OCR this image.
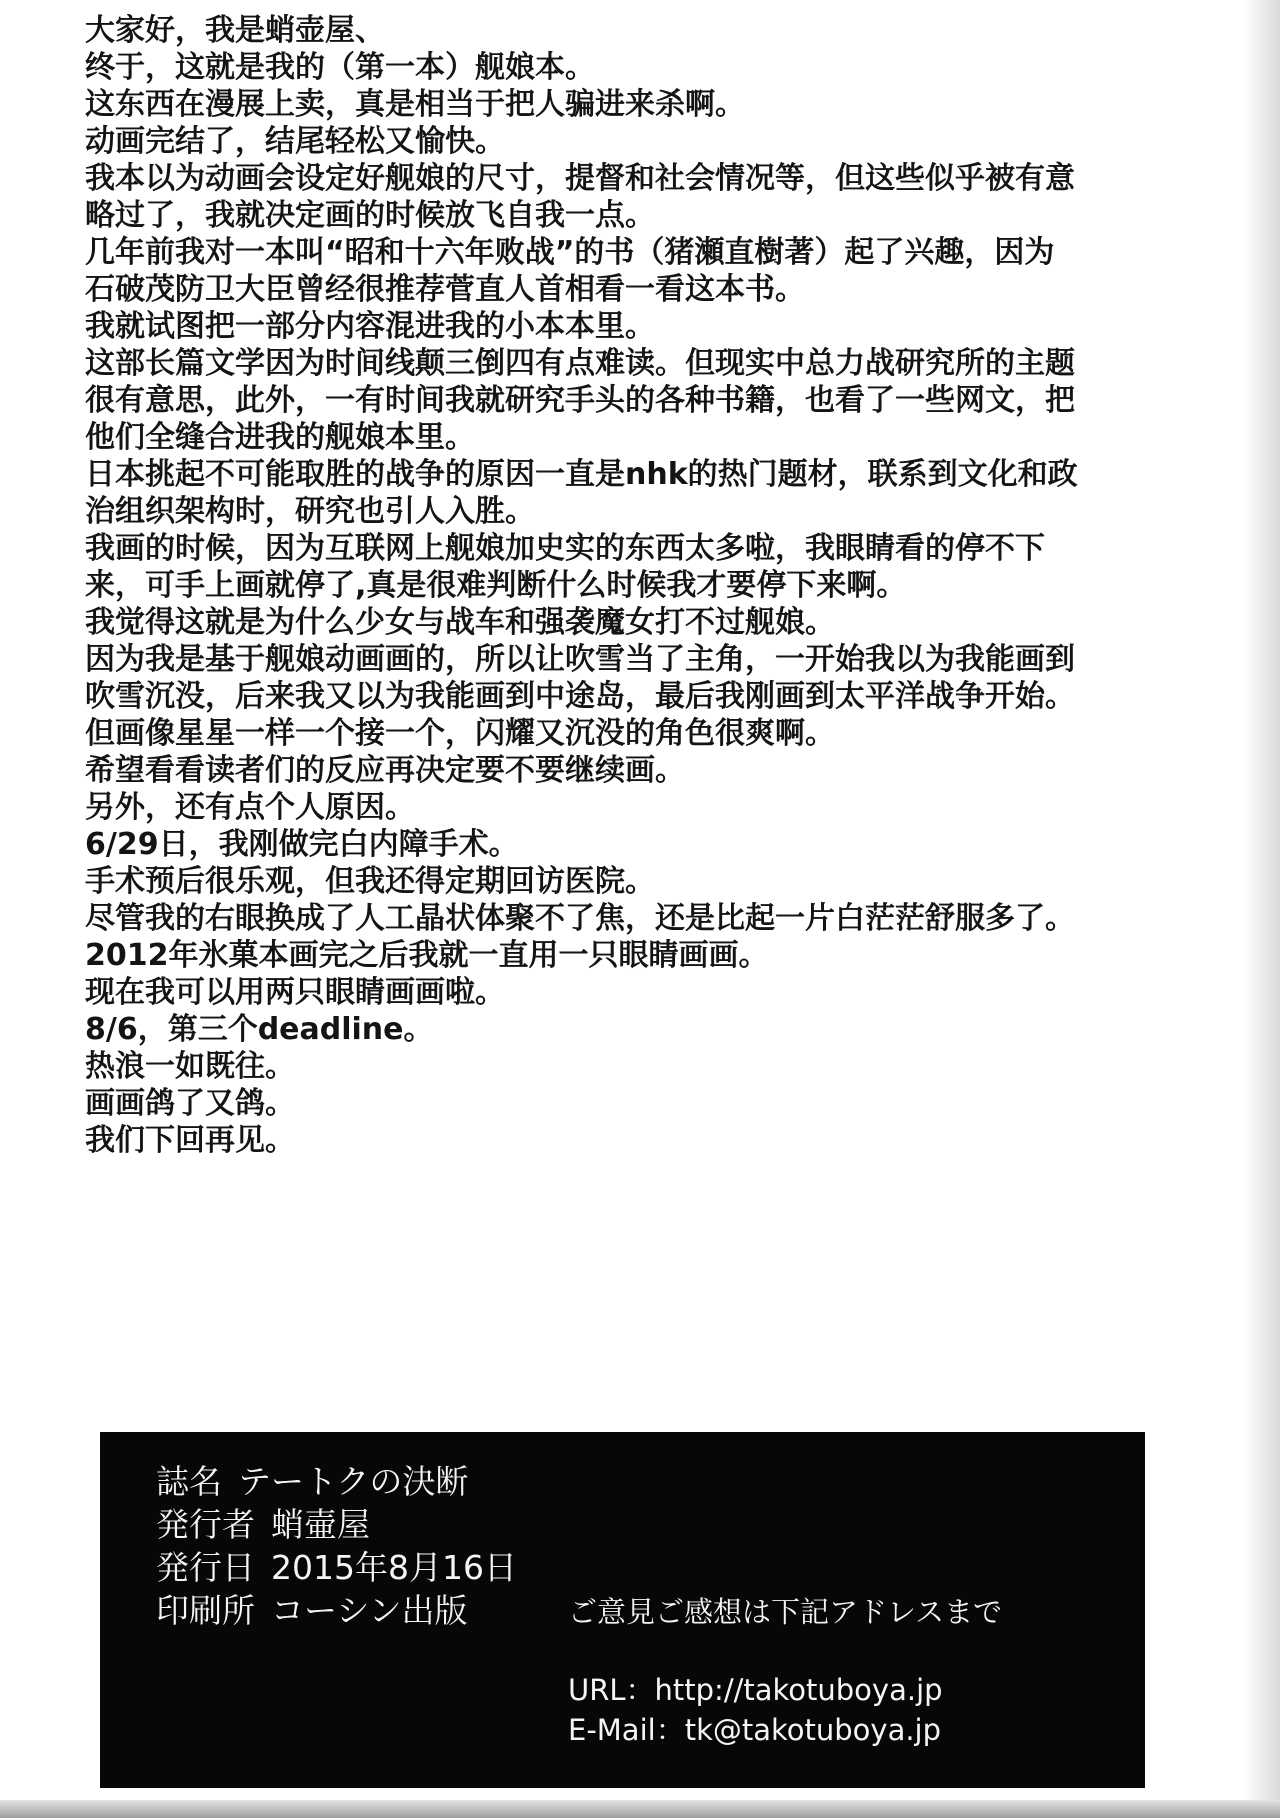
大家好，我是蛸壶屋、
终于，这就是我的（第一本）舰娘本。
这东西在漫展上卖，真是相当于把人骗进来杀啊。
动画完结了，结尾轻松又愉快。
我本以为动画会设定好舰娘的尺寸，提督和社会情况等，但这些似乎被有意
略过了，我就决定画的时候放飞自我一点。
几年前我对一本叫“昭和十六年败战”的书（猪瀬直樹著）起了兴趣，因为
石破茂防卫大臣曾经很推荐菅直人首相看一看这本书。
我就试图把一部分内容混进我的小本本里。
这部长篇文学因为时间线颠三倒四有点难读。但现实中总力战研究所的主题
很有意思，此外，一有时间我就研究手头的各种书籍，也看了一些网文，把
他们全缝合进我的舰娘本里。
日本挑起不可能取胜的战争的原因一直是nhk的热门题材，联系到文化和政
治组织架构时，研究也引人入胜。
我画的时候，因为互联网上舰娘加史实的东西太多啦，我眼睛看的停不下
来，可手上画就停了,真是很难判断什么时候我才要停下来啊。
我觉得这就是为什么少女与战车和强袭魔女打不过舰娘。
因为我是基于舰娘动画画的，所以让吹雪当了主角，一开始我以为我能画到
吹雪沉没，后来我又以为我能画到中途岛，最后我刚画到太平洋战争开始。
但画像星星一样一个接一个，闪耀又沉没的角色很爽啊。
希望看看读者们的反应再决定要不要继续画。
另外，还有点个人原因。
6/29日，我刚做完白内障手术。
手术预后很乐观，但我还得定期回访医院。
尽管我的右眼换成了人工晶状体聚不了焦，还是比起一片白茫茫舒服多了。
2012年氷菓本画完之后我就一直用一只眼睛画画。
现在我可以用两只眼睛画画啦。
8/6，第三个deadline。
热浪一如既往。
画画鸽了又鸽。
我们下回再见。
誌名 テートクの決断
発行者 蛸壷屋
発行日 2015年8月16日
印刷所 コーシン出版	ご意見ご感想は下記アドレスまで
URL：http://takotuboya.jp
E-Mail：tk@takotuboya.jp
